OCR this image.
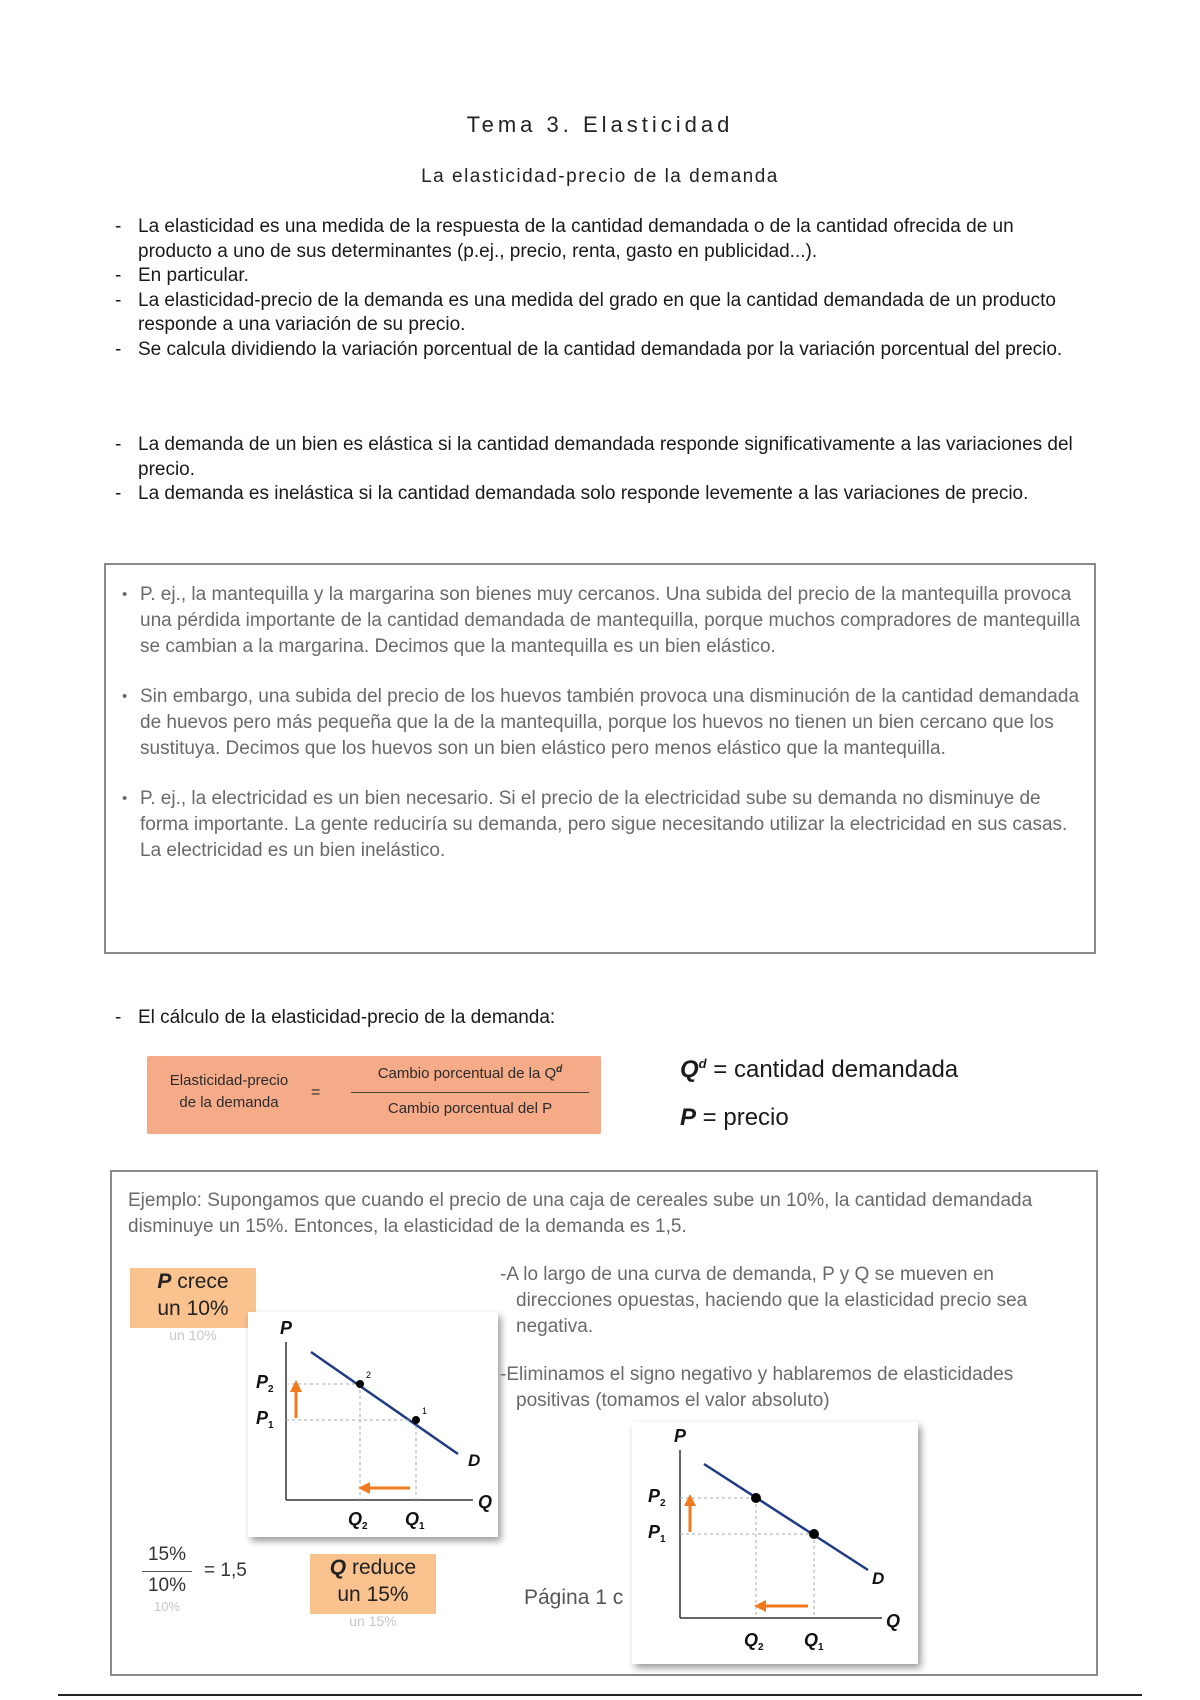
Tema 3. Elasticidad
La elasticidad-precio de la demanda
- La elasticidad es una medida de la respuesta de la cantidad demandada o de la cantidad ofrecida de un producto a uno de sus determinantes (p.ej., precio, renta, gasto en publicidad...).
- En particular.
- La elasticidad-precio de la demanda es una medida del grado en que la cantidad demandada de un producto responde a una variación de su precio.
- Se calcula dividiendo la variación porcentual de la cantidad demandada por la variación porcentual del precio.
- La demanda de un bien es elástica si la cantidad demandada responde significativamente a las variaciones del precio.
- La demanda es inelástica si la cantidad demandada solo responde levemente a las variaciones de precio.
• P. ej., la mantequilla y la margarina son bienes muy cercanos. Una subida del precio de la mantequilla provoca una pérdida importante de la cantidad demandada de mantequilla, porque muchos compradores de mantequilla se cambian a la margarina. Decimos que la mantequilla es un bien elástico.
• Sin embargo, una subida del precio de los huevos también provoca una disminución de la cantidad demandada de huevos pero más pequeña que la de la mantequilla, porque los huevos no tienen un bien cercano que los sustituya. Decimos que los huevos son un bien elástico pero menos elástico que la mantequilla.
• P. ej., la electricidad es un bien necesario. Si el precio de la electricidad sube su demanda no disminuye de forma importante. La gente reduciría su demanda, pero sigue necesitando utilizar la electricidad en sus casas. La electricidad es un bien inelástico.
- El cálculo de la elasticidad-precio de la demanda:
Elasticidad-precio
de la demanda
=
Cambio porcentual de la $Q^d$
Cambio porcentual del P
$Q^d$ = cantidad demandada
P = precio
Ejemplo: Supongamos que cuando el precio de una caja de cereales sube un 10%, la cantidad demandada disminuye un 15%. Entonces, la elasticidad de la demanda es 1,5.
P crece
un 10%
un 10%	P
Q
D
2
1
P 2
P 1
Q 2 Q 1
-A lo largo de una curva de demanda, P y Q se mueven en direcciones opuestas, haciendo que la elasticidad precio sea negativa.
-Eliminamos el signo negativo y hablaremos de elasticidades positivas (tomamos el valor absoluto)
P
Q
D
P 2
P 1
Q 2 Q 1
15%
10%
= 1,5
10%
Q reduce
un 15%
un 15%
Página 1 c
